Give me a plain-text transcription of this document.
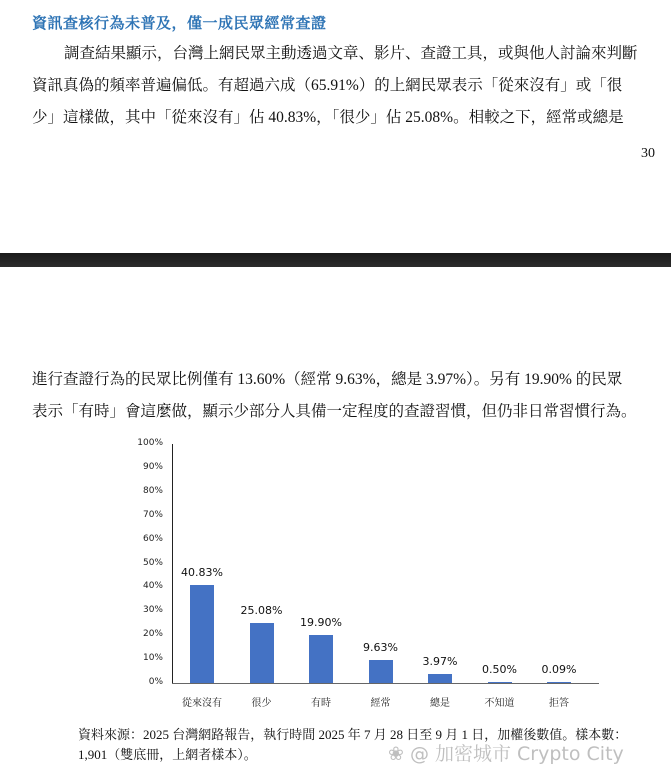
資訊查核行為未普及，僅一成民眾經常查證
調查結果顯示，台灣上網民眾主動透過文章、影片、查證工具，或與他人討論來判斷
資訊真偽的頻率普遍偏低。有超過六成（65.91%）的上網民眾表示「從來沒有」或「很
少」這樣做，其中「從來沒有」佔 40.83%，「很少」佔 25.08%。相較之下，經常或總是
30
進行查證行為的民眾比例僅有 13.60%（經常 9.63%，總是 3.97%）。另有 19.90% 的民眾
表示「有時」會這麼做，顯示少部分人具備一定程度的查證習慣，但仍非日常習慣行為。
0%
10%
20%
30%
40%
50%
60%
70%
80%
90%
100%
40.83%
從來沒有
25.08%
很少
19.90%
有時
9.63%
經常
3.97%
總是
0.50%
不知道
0.09%
拒答
資料來源：2025 台灣網路報告，執行時間 2025 年 7 月 28 日至 9 月 1 日，加權後數值。樣本數：
1,901（雙底冊，上網者樣本）。	❀ @ 加密城市 Crypto City
